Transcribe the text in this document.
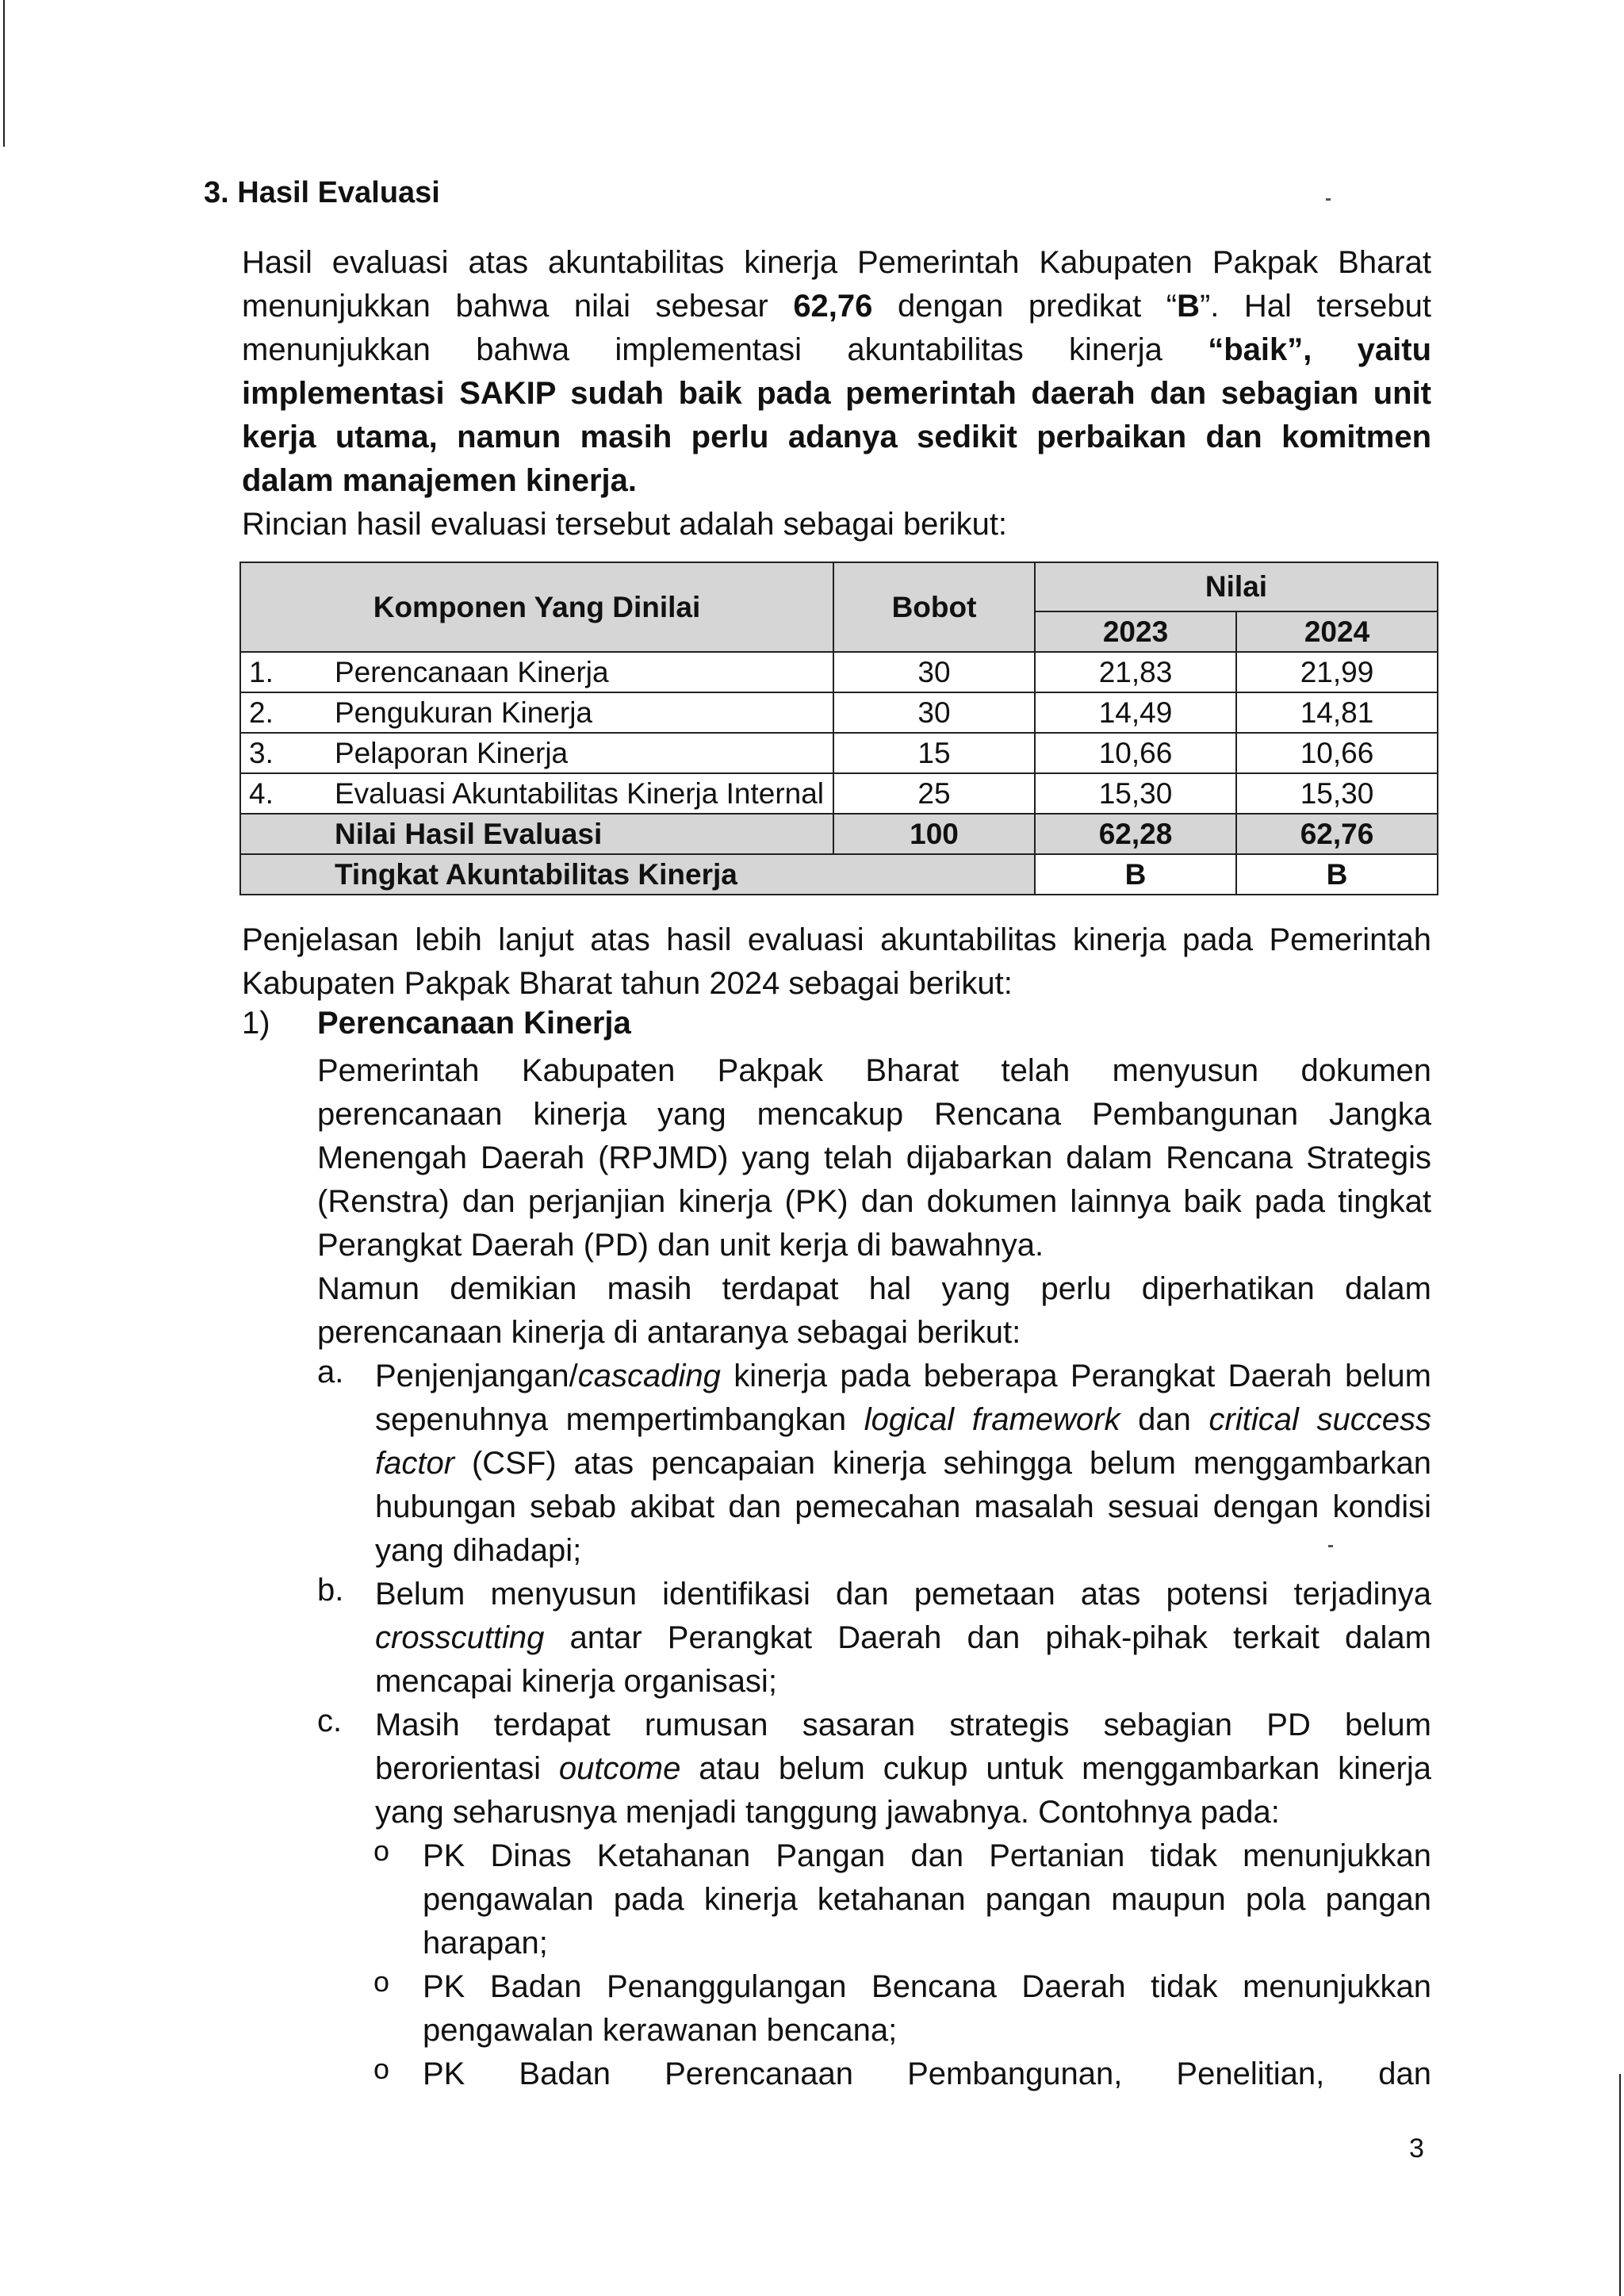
3. Hasil Evaluasi
Hasil evaluasi atas akuntabilitas kinerja Pemerintah Kabupaten Pakpak Bharat
menunjukkan bahwa nilai sebesar 62,76 dengan predikat “B”. Hal tersebut
menunjukkan bahwa implementasi akuntabilitas kinerja “baik”, yaitu
implementasi SAKIP sudah baik pada pemerintah daerah dan sebagian unit
kerja utama, namun masih perlu adanya sedikit perbaikan dan komitmen
dalam manajemen kinerja.
Rincian hasil evaluasi tersebut adalah sebagai berikut:
Komponen Yang Dinilai		Bobot	Nilai	
			2023	2024
1.	Perencanaan Kinerja	30	21,83	21,99
2.	Pengukuran Kinerja	30	14,49	14,81
3.	Pelaporan Kinerja	15	10,66	10,66
4.	Evaluasi Akuntabilitas Kinerja Internal	25	15,30	15,30
	Nilai Hasil Evaluasi	100	62,28	62,76
	Tingkat Akuntabilitas Kinerja		B	B
Penjelasan lebih lanjut atas hasil evaluasi akuntabilitas kinerja pada Pemerintah
Kabupaten Pakpak Bharat tahun 2024 sebagai berikut:
1) Perencanaan Kinerja
Pemerintah Kabupaten Pakpak Bharat telah menyusun dokumen
perencanaan kinerja yang mencakup Rencana Pembangunan Jangka
Menengah Daerah (RPJMD) yang telah dijabarkan dalam Rencana Strategis
(Renstra) dan perjanjian kinerja (PK) dan dokumen lainnya baik pada tingkat
Perangkat Daerah (PD) dan unit kerja di bawahnya.
Namun demikian masih terdapat hal yang perlu diperhatikan dalam
perencanaan kinerja di antaranya sebagai berikut:
a. Penjenjangan/cascading kinerja pada beberapa Perangkat Daerah belum
sepenuhnya mempertimbangkan logical framework dan critical success
factor (CSF) atas pencapaian kinerja sehingga belum menggambarkan
hubungan sebab akibat dan pemecahan masalah sesuai dengan kondisi
yang dihadapi;
b. Belum menyusun identifikasi dan pemetaan atas potensi terjadinya
crosscutting antar Perangkat Daerah dan pihak-pihak terkait dalam
mencapai kinerja organisasi;
c. Masih terdapat rumusan sasaran strategis sebagian PD belum
berorientasi outcome atau belum cukup untuk menggambarkan kinerja
yang seharusnya menjadi tanggung jawabnya. Contohnya pada:
o PK Dinas Ketahanan Pangan dan Pertanian tidak menunjukkan
pengawalan pada kinerja ketahanan pangan maupun pola pangan
harapan;
o PK Badan Penanggulangan Bencana Daerah tidak menunjukkan
pengawalan kerawanan bencana;
o PK Badan Perencanaan Pembangunan, Penelitian, dan
3
